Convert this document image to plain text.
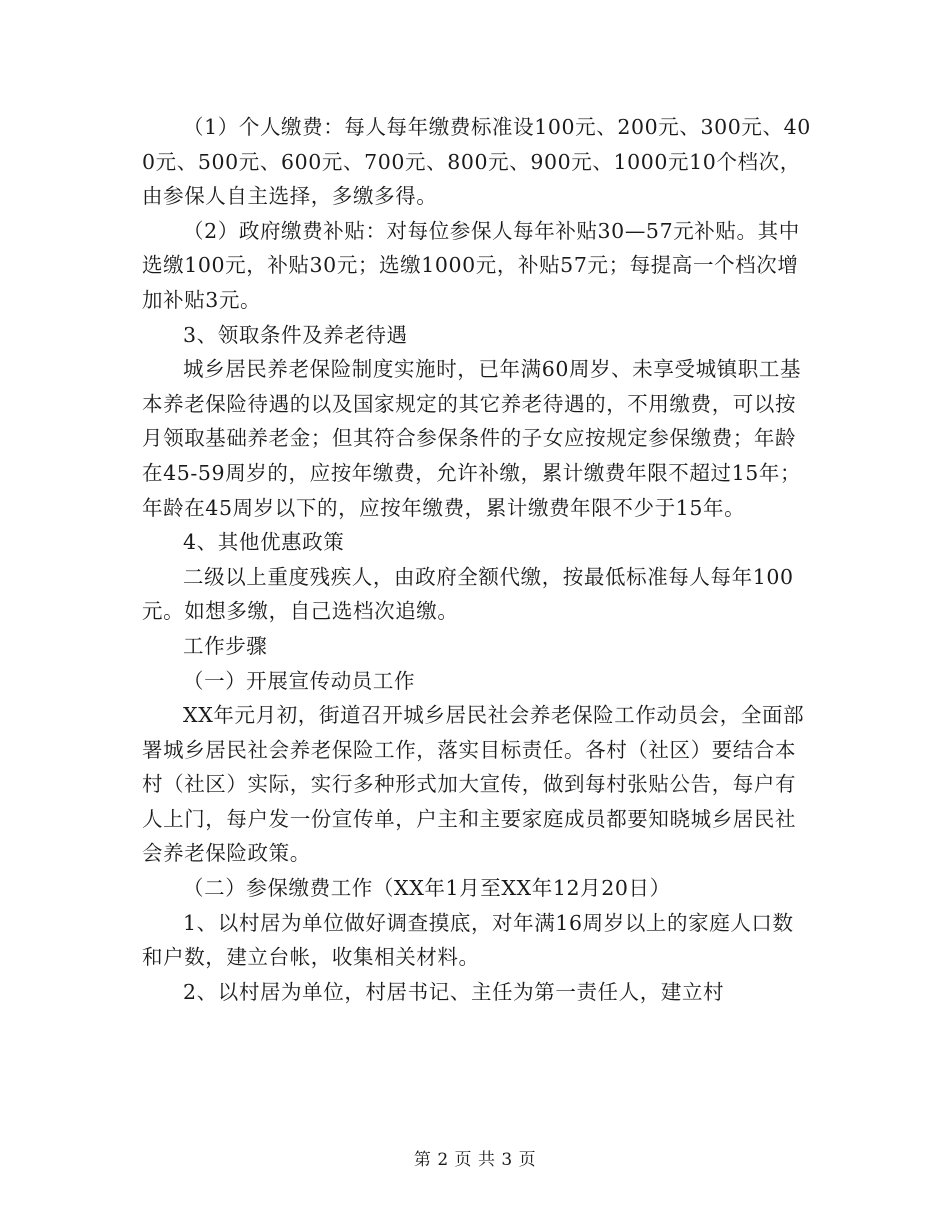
（1）个人缴费：每人每年缴费标准设100元、200元、300元、400元、500元、600元、700元、800元、900元、1000元10个档次，由参保人自主选择，多缴多得。

（2）政府缴费补贴：对每位参保人每年补贴30—57元补贴。其中选缴100元，补贴30元；选缴1000元，补贴57元；每提高一个档次增加补贴3元。

3、领取条件及养老待遇

城乡居民养老保险制度实施时，已年满60周岁、未享受城镇职工基本养老保险待遇的以及国家规定的其它养老待遇的，不用缴费，可以按月领取基础养老金；但其符合参保条件的子女应按规定参保缴费；年龄在45-59周岁的，应按年缴费，允许补缴，累计缴费年限不超过15年；年龄在45周岁以下的，应按年缴费，累计缴费年限不少于15年。

4、其他优惠政策

二级以上重度残疾人，由政府全额代缴，按最低标准每人每年100元。如想多缴，自己选档次追缴。

工作步骤

（一）开展宣传动员工作

XX年元月初，街道召开城乡居民社会养老保险工作动员会，全面部署城乡居民社会养老保险工作，落实目标责任。各村（社区）要结合本村（社区）实际，实行多种形式加大宣传，做到每村张贴公告，每户有人上门，每户发一份宣传单，户主和主要家庭成员都要知晓城乡居民社会养老保险政策。

（二）参保缴费工作（XX年1月至XX年12月20日）

1、以村居为单位做好调查摸底，对年满16周岁以上的家庭人口数和户数，建立台帐，收集相关材料。

2、以村居为单位，村居书记、主任为第一责任人，建立村

第 2 页 共 3 页
